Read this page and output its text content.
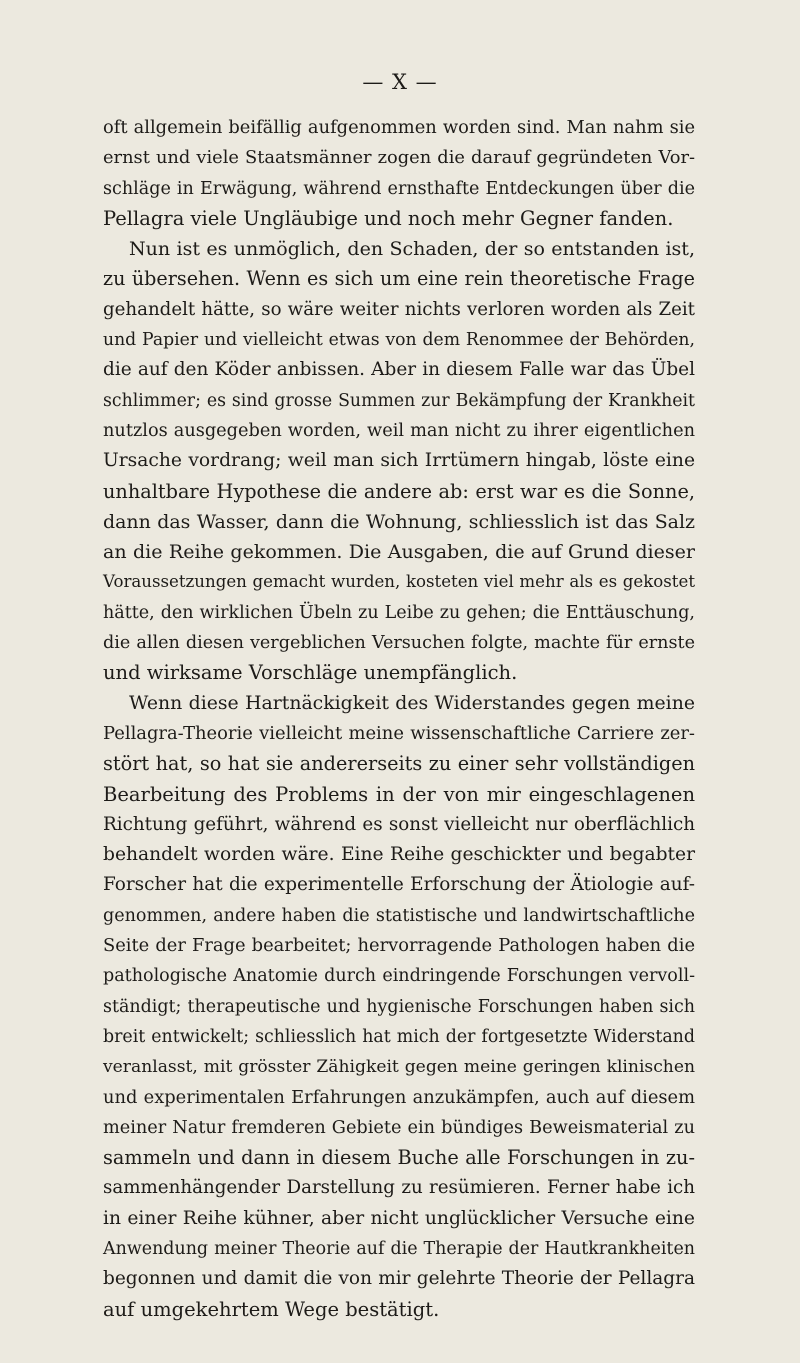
— X —
oft allgemein beifällig aufgenommen worden sind. Man nahm sie
ernst und viele Staatsmänner zogen die darauf gegründeten Vor-
schläge in Erwägung, während ernsthafte Entdeckungen über die
Pellagra viele Ungläubige und noch mehr Gegner fanden.
Nun ist es unmöglich, den Schaden, der so entstanden ist,
zu übersehen. Wenn es sich um eine rein theoretische Frage
gehandelt hätte, so wäre weiter nichts verloren worden als Zeit
und Papier und vielleicht etwas von dem Renommee der Behörden,
die auf den Köder anbissen. Aber in diesem Falle war das Übel
schlimmer; es sind grosse Summen zur Bekämpfung der Krankheit
nutzlos ausgegeben worden, weil man nicht zu ihrer eigentlichen
Ursache vordrang; weil man sich Irrtümern hingab, löste eine
unhaltbare Hypothese die andere ab: erst war es die Sonne,
dann das Wasser, dann die Wohnung, schliesslich ist das Salz
an die Reihe gekommen. Die Ausgaben, die auf Grund dieser
Voraussetzungen gemacht wurden, kosteten viel mehr als es gekostet
hätte, den wirklichen Übeln zu Leibe zu gehen; die Enttäuschung,
die allen diesen vergeblichen Versuchen folgte, machte für ernste
und wirksame Vorschläge unempfänglich.
Wenn diese Hartnäckigkeit des Widerstandes gegen meine
Pellagra-Theorie vielleicht meine wissenschaftliche Carriere zer-
stört hat, so hat sie andererseits zu einer sehr vollständigen
Bearbeitung des Problems in der von mir eingeschlagenen
Richtung geführt, während es sonst vielleicht nur oberflächlich
behandelt worden wäre. Eine Reihe geschickter und begabter
Forscher hat die experimentelle Erforschung der Ätiologie auf-
genommen, andere haben die statistische und landwirtschaftliche
Seite der Frage bearbeitet; hervorragende Pathologen haben die
pathologische Anatomie durch eindringende Forschungen vervoll-
ständigt; therapeutische und hygienische Forschungen haben sich
breit entwickelt; schliesslich hat mich der fortgesetzte Widerstand
veranlasst, mit grösster Zähigkeit gegen meine geringen klinischen
und experimentalen Erfahrungen anzukämpfen, auch auf diesem
meiner Natur fremderen Gebiete ein bündiges Beweismaterial zu
sammeln und dann in diesem Buche alle Forschungen in zu-
sammenhängender Darstellung zu resümieren. Ferner habe ich
in einer Reihe kühner, aber nicht unglücklicher Versuche eine
Anwendung meiner Theorie auf die Therapie der Hautkrankheiten
begonnen und damit die von mir gelehrte Theorie der Pellagra
auf umgekehrtem Wege bestätigt.
